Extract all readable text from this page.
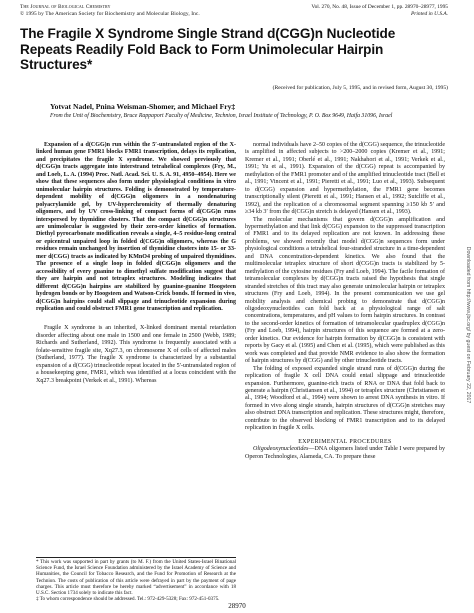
The Journal of Biological Chemistry
© 1995 by The American Society for Biochemistry and Molecular Biology, Inc.
Vol. 270, No. 48, Issue of December 1, pp. 28970–28977, 1995
Printed in U.S.A.
The Fragile X Syndrome Single Strand d(CGG)n Nucleotide Repeats Readily Fold Back to Form Unimolecular Hairpin Structures*
(Received for publication, July 5, 1995, and in revised form, August 30, 1995)
Yotvat Nadel, Pnina Weisman-Shomer, and Michael Fry‡
From the Unit of Biochemistry, Bruce Rappaport Faculty of Medicine, Technion, Israel Institute of Technology, P. O. Box 9649, Haifa 31096, Israel

Expansion of a d(CGG)n run within the 5′-untranslated region of the X-linked human gene FMR1 blocks FMR1 transcription, delays its replication, and precipitates the fragile X syndrome. We showed previously that d(CGG)n tracts aggregate into interstrand tetrahelical complexes (Fry, M., and Loeb, L. A. (1994) Proc. Natl. Acad. Sci. U. S. A. 91, 4950–4954). Here we show that these sequences also form under physiological conditions in vitro unimolecular hairpin structures. Folding is demonstrated by temperature-dependent mobility of d(CGG)n oligomers in a nondenaturing polyacrylamide gel, by UV-hyperchromicity of thermally denaturing oligomers, and by UV cross-linking of compact forms of d(CGG)n runs interspersed by thymidine clusters. That the compact d(CGG)n structures are unimolecular is suggested by their zero-order kinetics of formation. Diethyl pyrocarbonate modification reveals a single, 4–5 residue-long central or epicentral unpaired loop in folded d(CGG)n oligomers, whereas the G residues remain unchanged by insertion of thymidine clusters into 15- or 33-mer d(CGG) tracts as indicated by KMnO4 probing of unpaired thymidines. The presence of a single loop in folded d(CGG)n oligomers and the accessibility of every guanine to dimethyl sulfate modification suggest that they are hairpin and not tetraplex structures. Modeling indicates that different d(CGG)n hairpins are stabilized by guanine-guanine Hoogsteen hydrogen bonds or by Hoogsteen and Watson-Crick bonds. If formed in vivo, d(CGG)n hairpins could stall slippage and trinucleotide expansion during replication and could obstruct FMR1 gene transcription and replication.

Fragile X syndrome is an inherited, X-linked dominant mental retardation disorder affecting about one male in 1500 and one female in 2500 (Webb, 1989; Richards and Sutherland, 1992). This syndrome is frequently associated with a folate-sensitive fragile site, Xq27.3, on chromosome X of cells of affected males (Sutherland, 1977). The fragile X syndrome is characterized by a substantial expansion of a d(CGG) trinucleotide repeat located in the 5′-untranslated region of a housekeeping gene, FMR1, which was identified at a locus coincident with the Xq27.3 breakpoint (Verkek et al., 1991). Whereas

normal individuals have 2–50 copies of the d(CGG) sequence, the trinucleotide is amplified in affected subjects to >200–2000 copies (Kremer et al., 1991; Kremer et al., 1991; Oberlé et al., 1991; Nakhahori et al., 1991; Verkek et al., 1991; Yu et al., 1991). Expansion of the d(CGG) repeat is accompanied by methylation of the FMR1 promoter and of the amplified trinucleotide tract (Bell et al., 1991; Vincent et al., 1991; Pieretti et al., 1991; Luo et al., 1993). Subsequent to d(CGG) expansion and hypermethylation, the FMR1 gene becomes transcriptionally silent (Pieretti et al., 1991; Hansen et al., 1992; Sutcliffe et al., 1992), and the replication of a chromosomal segment spanning ≥150 kb 5′ and ≥34 kb 3′ from the d(CGG)n stretch is delayed (Hansen et al., 1993).

The molecular mechanisms that govern d(CGG)n amplification and hypermethylation and that link d(CGG) expansion to the suppressed transcription of FMR1 and to its delayed replication are not known. In addressing these problems, we showed recently that model d(CGG)n sequences form under physiological conditions a tetrahelical four-stranded structure in a time-dependent and DNA concentration-dependent kinetics. We also found that the multimolecular tetraplex structure of short d(CGG)n tracts is stabilized by 5-methylation of the cytosine residues (Fry and Loeb, 1994). The facile formation of tetramolecular complexes by d(CGG)n tracts raised the hypothesis that single stranded stretches of this tract may also generate unimolecular hairpin or tetraplex structures (Fry and Loeb, 1994). In the present communication we use gel mobility analysis and chemical probing to demonstrate that d(CGG)n oligodeoxynucleotides can fold back at a physiological range of salt concentrations, temperatures, and pH values to form hairpin structures. In contrast to the second-order kinetics of formation of tetramolecular quadruplex d(CGG)n (Fry and Loeb, 1994), hairpin structures of this sequence are formed at a zero-order kinetics. Our evidence for hairpin formation by d(CGG)n is consistent with reports by Gacy et al. (1995) and Chen et al. (1995), which were published as this work was completed and that provide NMR evidence to also show the formation of hairpin structures by d(CGG) and by other trinucleotide tracts.

The folding of exposed expanded single strand runs of d(CGG)n during the replication of fragile X cell DNA could entail slippage and trinucleotide expansion. Furthermore, guanine-rich tracts of RNA or DNA that fold back to generate a hairpin (Christiansen et al., 1994) or tetraplex structure (Christiansen et al., 1994; Woodford et al., 1994) were shown to arrest DNA synthesis in vitro. If formed in vivo along single strands, hairpin structures of d(CGG)n stretches may also obstruct DNA transcription and replication. These structures might, therefore, contribute to the observed blocking of FMR1 transcription and to its delayed replication in fragile X cells.

EXPERIMENTAL PROCEDURES

Oligodeoxynucleotides—DNA oligomers listed under Table I were prepared by Operon Technologies, Alameda, CA. To prepare these

* This work was supported in part by grants (to M. F.) from the United States-Israel Binational Science Fund, the Israel Science Foundation administered by the Israel Academy of Science and Humanities, the Council for Tobacco Research, and the Fund for Promotion of Research at the Technion. The costs of publication of this article were defrayed in part by the payment of page charges. This article must therefore be hereby marked “advertisement” in accordance with 18 U.S.C. Section 1734 solely to indicate this fact.

‡ To whom correspondence should be addressed. Tel.: 972-429-5328; Fax: 972-451-0375.

28970
Downloaded from http://www.jbc.org/ by guest on February 22, 2017
